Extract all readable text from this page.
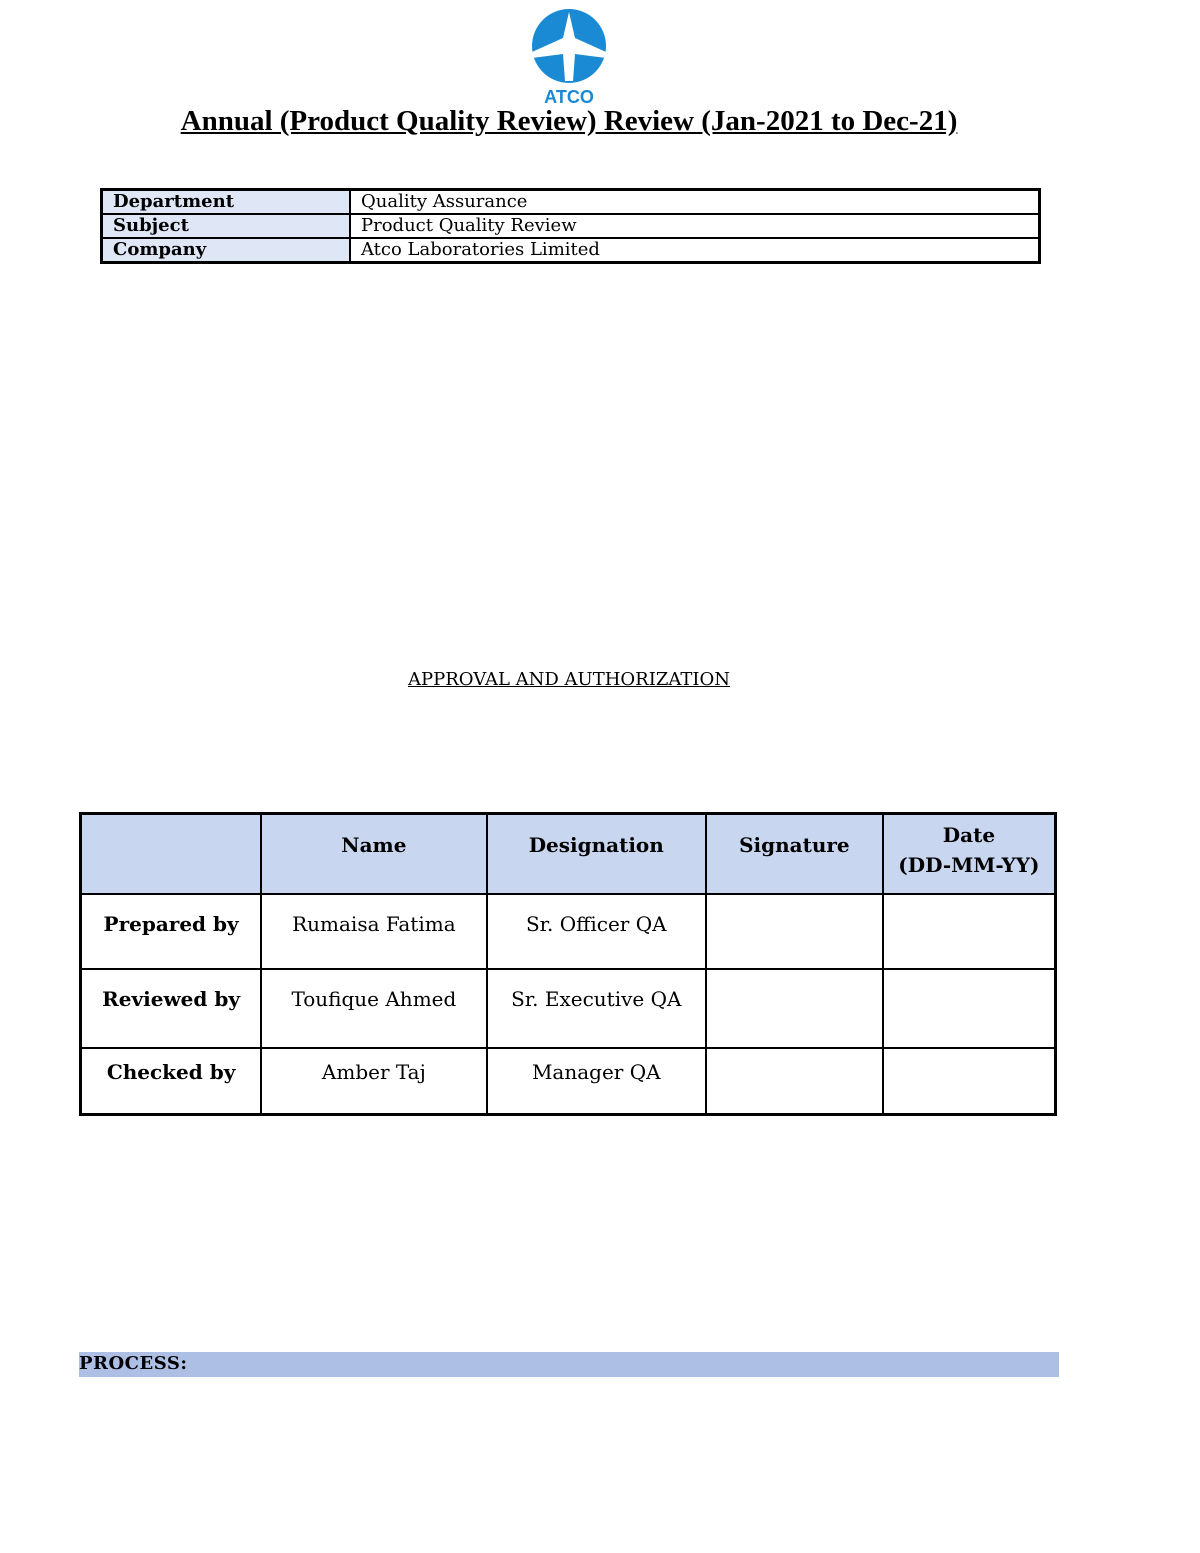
ATCO
Annual (Product Quality Review) Review (Jan-2021 to Dec-21)
Department	Quality Assurance
Subject	Product Quality Review
Company	Atco Laboratories Limited
APPROVAL AND AUTHORIZATION

	Name	Designation	Signature	Date
(DD-MM-YY)

Prepared by	Rumaisa Fatima	Sr. Officer QA		
Reviewed by	Toufique Ahmed	Sr. Executive QA		
Checked by	Amber Taj	Manager QA		
PROCESS:
